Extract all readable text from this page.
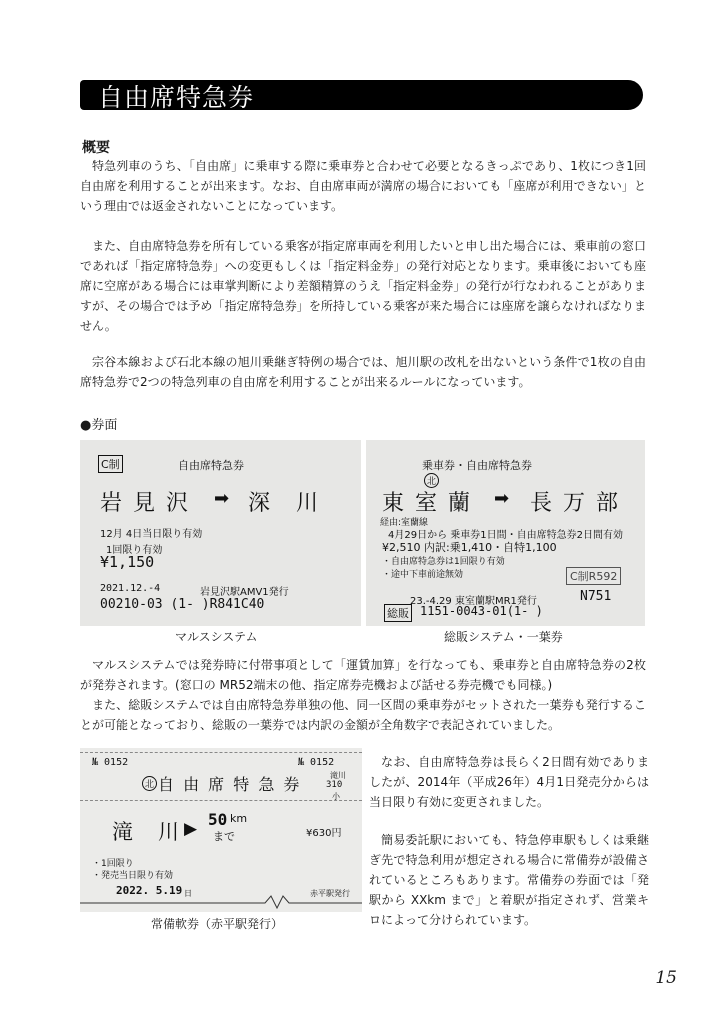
自由席特急券
概要

特急列車のうち、「自由席」に乗車する際に乗車券と合わせて必要となるきっぷであり、1枚につき1回自由席を利用することが出来ます。なお、自由席車両が満席の場合においても「座席が利用できない」という理由では返金されないことになっています。

また、自由席特急券を所有している乗客が指定席車両を利用したいと申し出た場合には、乗車前の窓口であれば「指定席特急券」への変更もしくは「指定料金券」の発行対応となります。乗車後においても座席に空席がある場合には車掌判断により差額精算のうえ「指定料金券」の発行が行なわれることがありますが、その場合では予め「指定席特急券」を所持している乗客が来た場合には座席を譲らなければなりません。

宗谷本線および石北本線の旭川乗継ぎ特例の場合では、旭川駅の改札を出ないという条件で1枚の自由席特急券で2つの特急列車の自由席を利用することが出来るルールになっています。

●券面
C制	自由席特急券
岩 見 沢 ➡ 深　川
12月 4日当日限り有効
1回限り有効
¥1,150
2021.12.-4	岩見沢駅AMV1発行
00210-03 (1- )R841C40
マルスシステム
乗車券・自由席特急券
北
東 室 蘭 ➡ 長 万 部
経由:室蘭線
4月29日から 乗車券1日間・自由席特急券2日間有効
¥2,510 内訳:乗1,410・自特1,100
・自由席特急券は1回限り有効
・途中下車前途無効	C制R592
23.-4.29 東室蘭駅MR1発行	N751
総販 1151-0043-01(1- )
総販システム・一葉券

マルスシステムでは発券時に付帯事項として「運賃加算」を行なっても、乗車券と自由席特急券の2枚が発券されます。(窓口の MR52端末の他、指定席券売機および話せる券売機でも同様。)

また、総販システムでは自由席特急券単独の他、同一区間の乗車券がセットされた一葉券も発行することが可能となっており、総販の一葉券では内訳の金額が全角数字で表記されていました。

№ 0152	№ 0152
滝川
310
小
北 自 由 席 特 急 券
滝　川 ▶ 50 km
まで	¥630円
・1回限り
・発売当日限り有効
2022. 5.19 日	赤平駅発行
常備軟券（赤平駅発行）

なお、自由席特急券は長らく2日間有効でありましたが、2014年（平成26年）4月1日発売分からは当日限り有効に変更されました。

簡易委託駅においても、特急停車駅もしくは乗継ぎ先で特急利用が想定される場合に常備券が設備されているところもあります。常備券の券面では「発駅から XXkm まで」と着駅が指定されず、営業キロによって分けられています。

15
